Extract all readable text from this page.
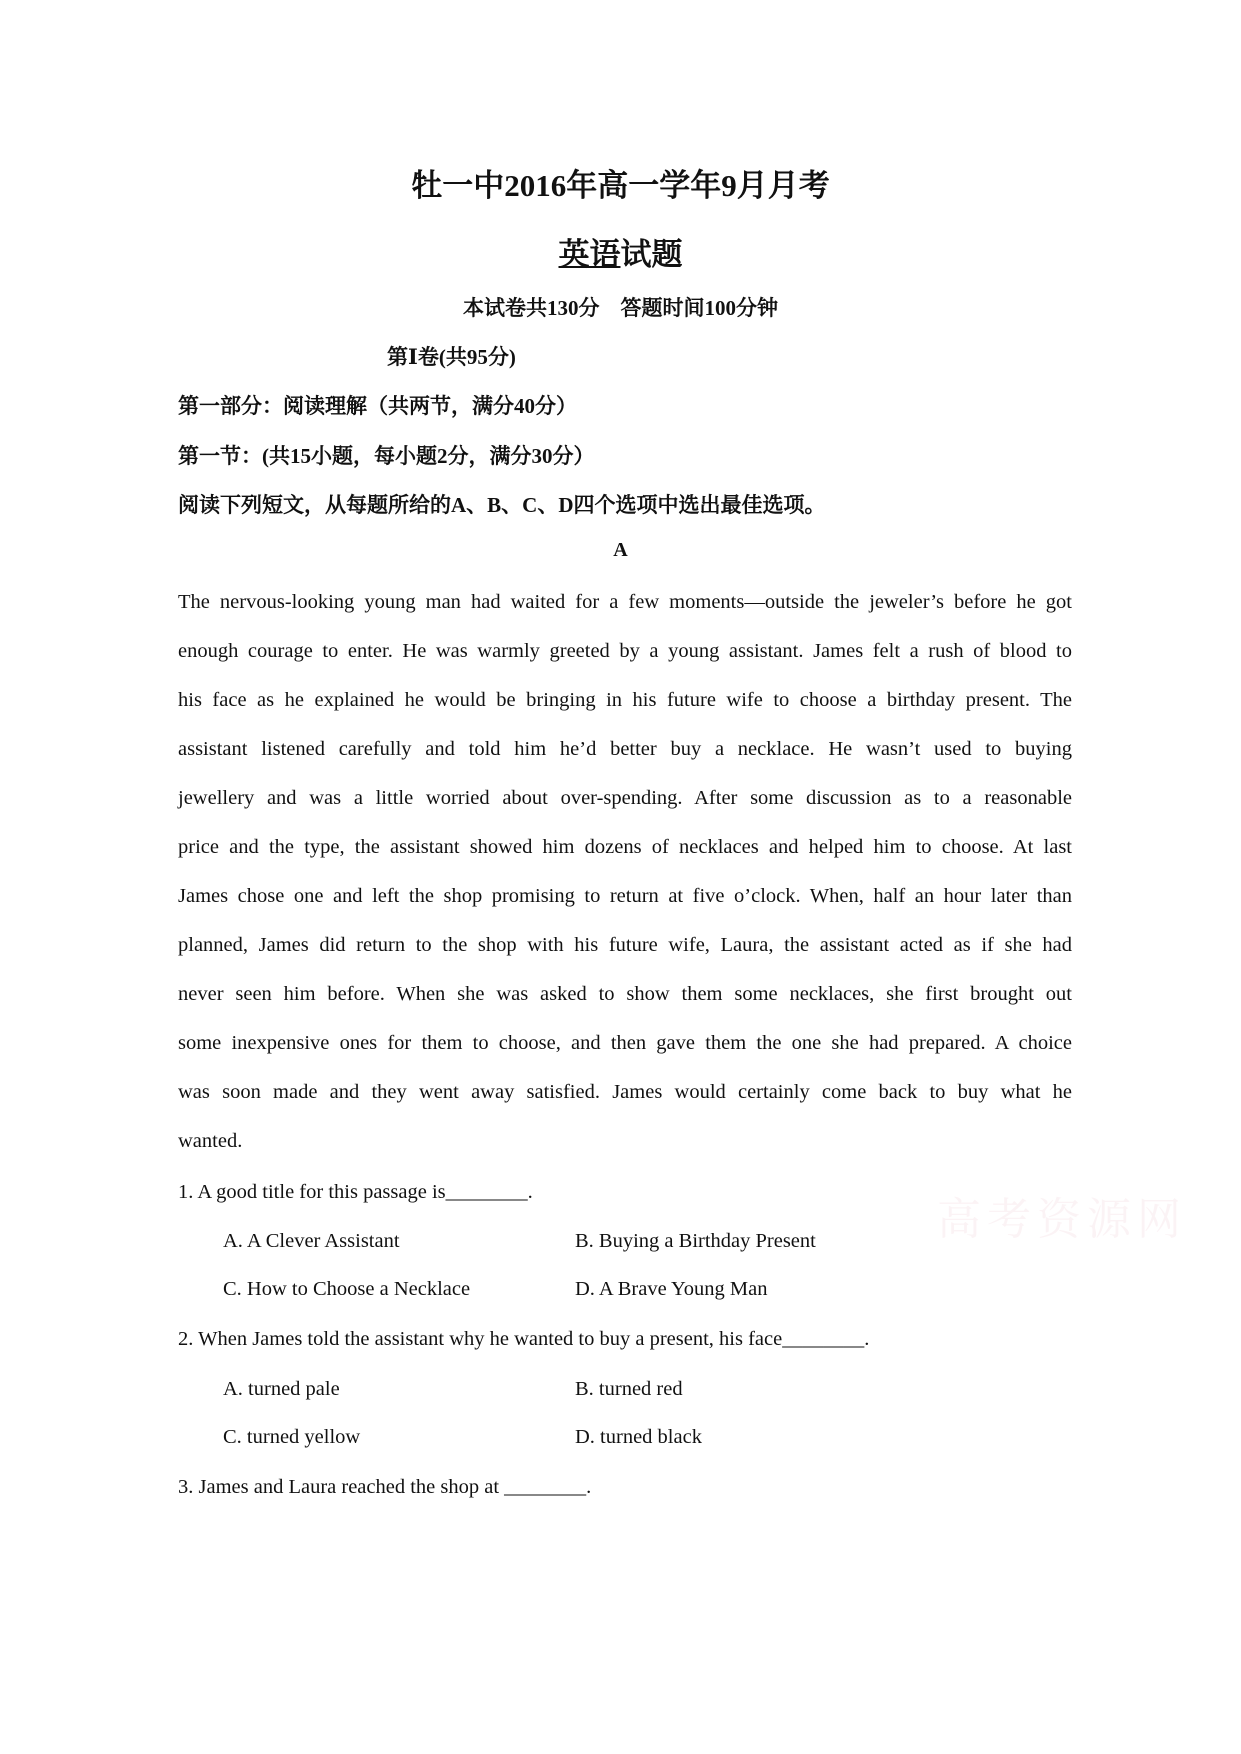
高考资源网
牡一中2016年高一学年9月月考
英语试题
本试卷共130分　答题时间100分钟
第Ⅰ卷(共95分)
第一部分：阅读理解（共两节，满分40分）
第一节：(共15小题，每小题2分，满分30分）
阅读下列短文，从每题所给的A、B、C、D四个选项中选出最佳选项。
A
The nervous-looking young man had waited for a few moments—outside the jeweler’s before he got
enough courage to enter. He was warmly greeted by a young assistant. James felt a rush of blood to
his face as he explained he would be bringing in his future wife to choose a birthday present. The
assistant listened carefully and told him he’d better buy a necklace. He wasn’t used to buying
jewellery and was a little worried about over-spending. After some discussion as to a reasonable
price and the type, the assistant showed him dozens of necklaces and helped him to choose. At last
James chose one and left the shop promising to return at five o’clock. When, half an hour later than
planned, James did return to the shop with his future wife, Laura, the assistant acted as if she had
never seen him before. When she was asked to show them some necklaces, she first brought out
some inexpensive ones for them to choose, and then gave them the one she had prepared. A choice
was soon made and they went away satisfied. James would certainly come back to buy what he
wanted.
1. A good title for this passage is________.
A. A Clever Assistant	B. Buying a Birthday Present
C. How to Choose a Necklace	D. A Brave Young Man
2. When James told the assistant why he wanted to buy a present, his face________.
A. turned pale	B. turned red
C. turned yellow	D. turned black
3. James and Laura reached the shop at ________.
